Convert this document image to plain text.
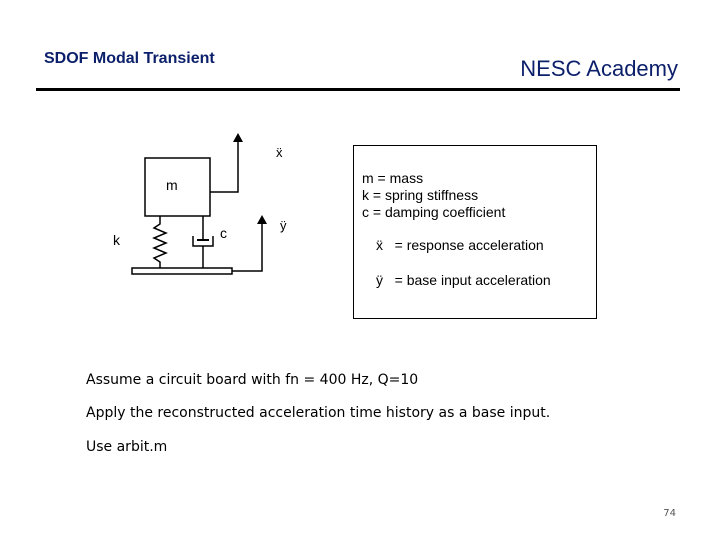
SDOF Modal Transient	NESC Academy
m
k	c
ẍ
ÿ
m = mass
k = spring stiffness
c = damping coefficient
ẍ = response acceleration
ÿ = base input acceleration
Assume a circuit board with fn = 400 Hz, Q=10
Apply the reconstructed acceleration time history as a base input.
Use arbit.m
74
